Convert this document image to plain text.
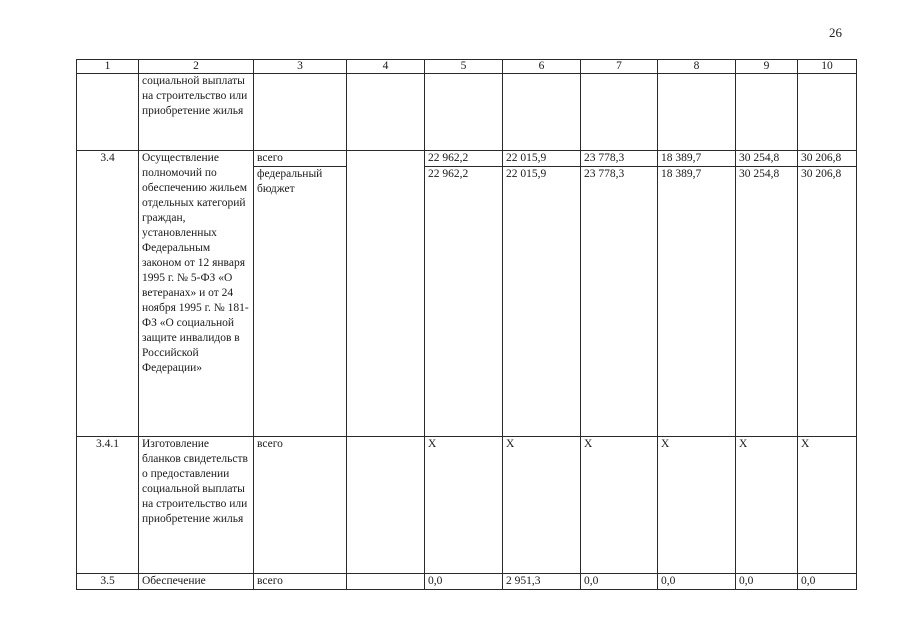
26
1	2	3	4	5	6	7	8	9	10
	социальной выплаты на строительство или приобретение жилья								
3.4	Осуществление полномочий по обеспечению жильем отдельных категорий граждан, установленных Федеральным законом от 12 января 1995 г. № 5-ФЗ «О ветеранах» и от 24 ноября 1995 г. № 181-ФЗ «О социальной защите инвалидов в Российской Федерации»	всего		22 962,2	22 015,9	23 778,3	18 389,7	30 254,8	30 206,8
		федеральный бюджет		22 962,2	22 015,9	23 778,3	18 389,7	30 254,8	30 206,8
3.4.1	Изготовление бланков свидетельств о предоставлении социальной выплаты на строительство или приобретение жилья	всего		Х	Х	Х	Х	Х	Х
3.5	Обеспечение	всего		0,0	2 951,3	0,0	0,0	0,0	0,0
